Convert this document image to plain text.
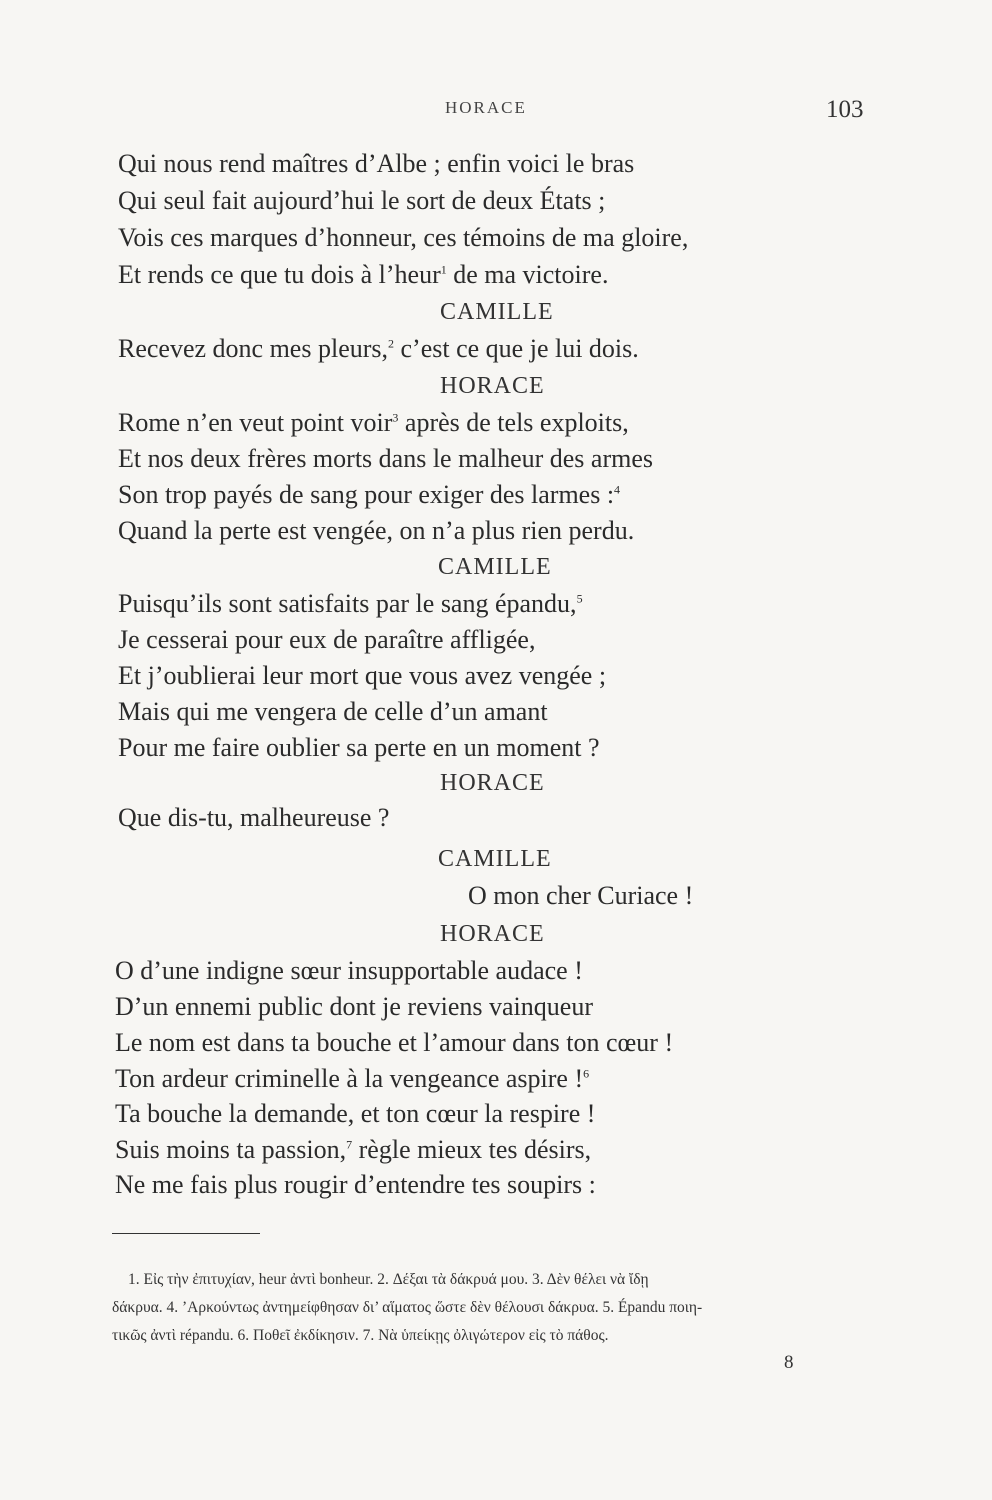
HORACE	103
Qui nous rend maîtres d’Albe ; enfin voici le bras
Qui seul fait aujourd’hui le sort de deux États ;
Vois ces marques d’honneur, ces témoins de ma gloire,
Et rends ce que tu dois à l’heur$^1$ de ma victoire.
CAMILLE
Recevez donc mes pleurs,$^2$ c’est ce que je lui dois.
HORACE
Rome n’en veut point voir$^3$ après de tels exploits,
Et nos deux frères morts dans le malheur des armes
Son trop payés de sang pour exiger des larmes :$^4$
Quand la perte est vengée, on n’a plus rien perdu.
CAMILLE
Puisqu’ils sont satisfaits par le sang épandu,$^5$
Je cesserai pour eux de paraître affligée,
Et j’oublierai leur mort que vous avez vengée ;
Mais qui me vengera de celle d’un amant
Pour me faire oublier sa perte en un moment ?
HORACE
Que dis-tu, malheureuse ?
CAMILLE
O mon cher Curiace !
HORACE
O d’une indigne sœur insupportable audace !
D’un ennemi public dont je reviens vainqueur
Le nom est dans ta bouche et l’amour dans ton cœur !
Ton ardeur criminelle à la vengeance aspire !$^6$
Ta bouche la demande, et ton cœur la respire !
Suis moins ta passion,$^7$ règle mieux tes désirs,
Ne me fais plus rougir d’entendre tes soupirs :
1. Εἰς τὴν ἐπιτυχίαν, heur ἀντὶ bonheur. 2. Δέξαι τὰ δάκρυά μου. 3. Δὲν θέλει νὰ ἴδῃ
δάκρυα. 4. ’Αρκούντως ἀντημείφθησαν δι’ αἵματος ὥστε δὲν θέλουσι δάκρυα. 5. Épandu ποιη-
τικῶς ἀντὶ répandu. 6. Ποθεῖ ἐκδίκησιν. 7. Νὰ ὑπείκῃς ὀλιγώτερον εἰς τὸ πάθος.
8
